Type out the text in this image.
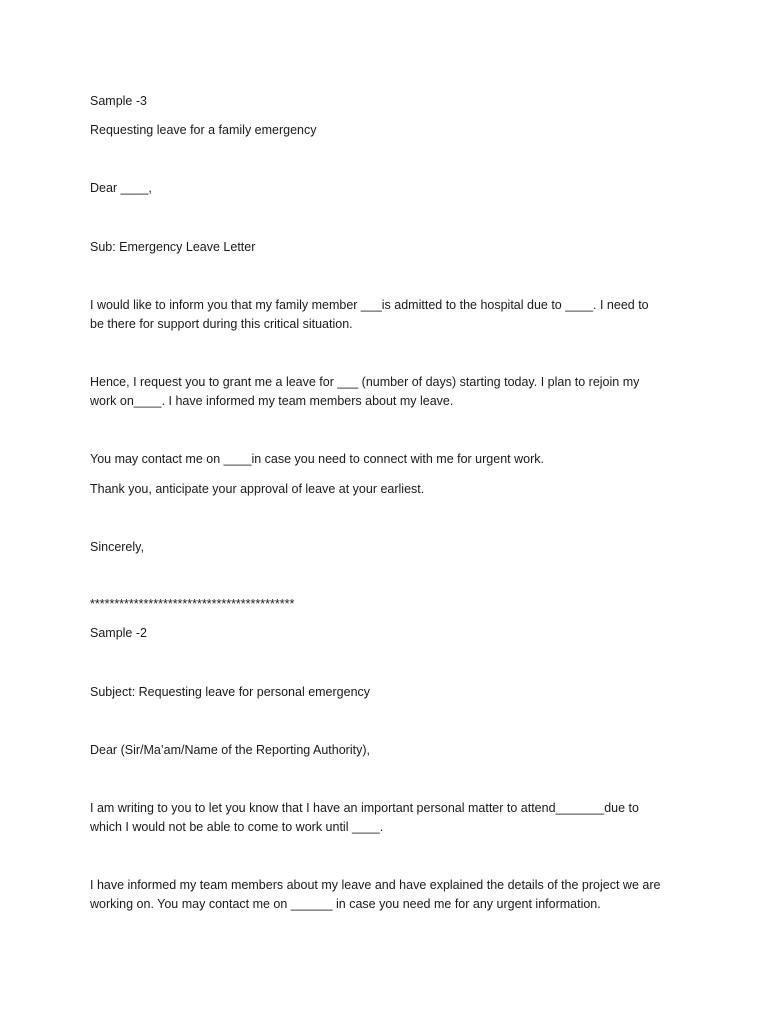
Sample -3

Requesting leave for a family emergency

Dear ____,

Sub: Emergency Leave Letter

I would like to inform you that my family member ___is admitted to the hospital due to ____. I need to

be there for support during this critical situation.

Hence, I request you to grant me a leave for ___ (number of days) starting today. I plan to rejoin my

work on____. I have informed my team members about my leave.

You may contact me on ____in case you need to connect with me for urgent work.

Thank you, anticipate your approval of leave at your earliest.

Sincerely,

******************************************

Sample -2

Subject: Requesting leave for personal emergency

Dear (Sir/Ma’am/Name of the Reporting Authority),

I am writing to you to let you know that I have an important personal matter to attend_______due to

which I would not be able to come to work until ____.

I have informed my team members about my leave and have explained the details of the project we are

working on. You may contact me on ______ in case you need me for any urgent information.
